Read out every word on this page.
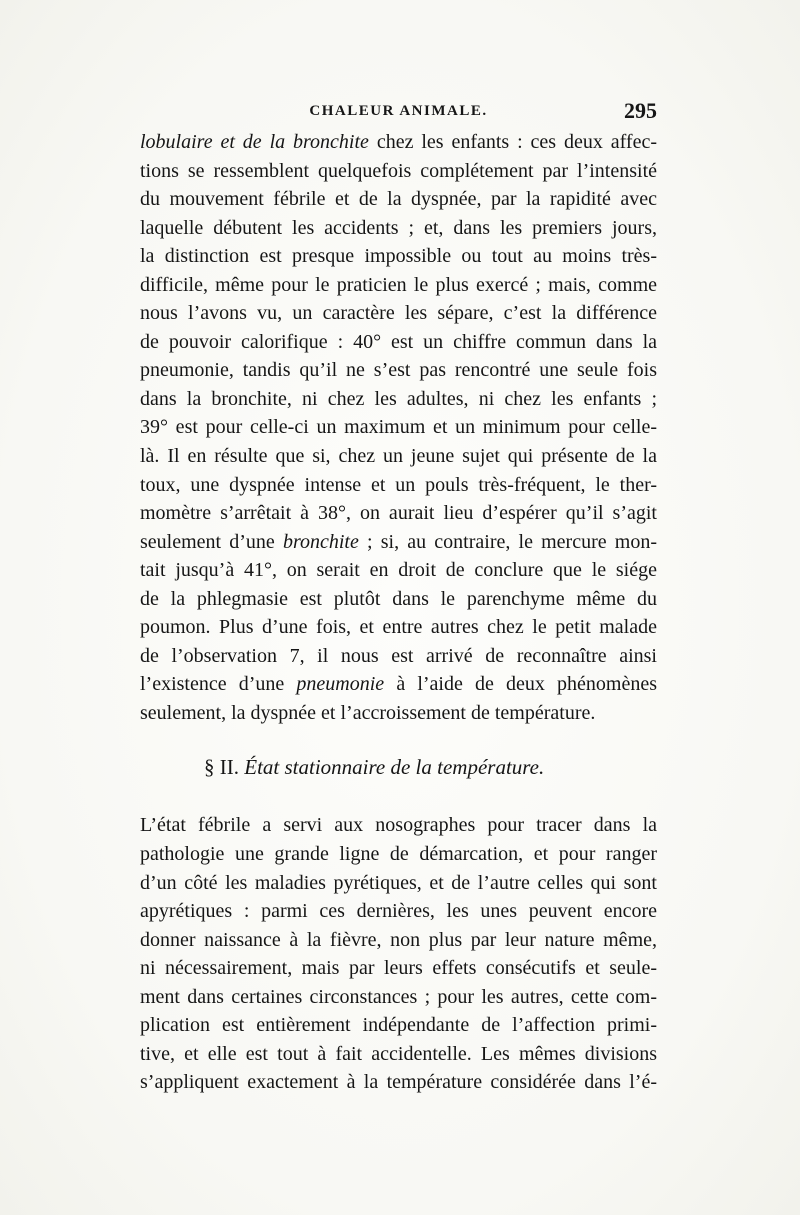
CHALEUR ANIMALE.	295
lobulaire et de la bronchite chez les enfants : ces deux affec-
tions se ressemblent quelquefois complétement par l’intensité
du mouvement fébrile et de la dyspnée, par la rapidité avec
laquelle débutent les accidents ; et, dans les premiers jours,
la distinction est presque impossible ou tout au moins très-
difficile, même pour le praticien le plus exercé ; mais, comme
nous l’avons vu, un caractère les sépare, c’est la différence
de pouvoir calorifique : 40° est un chiffre commun dans la
pneumonie, tandis qu’il ne s’est pas rencontré une seule fois
dans la bronchite, ni chez les adultes, ni chez les enfants ;
39° est pour celle-ci un maximum et un minimum pour celle-
là. Il en résulte que si, chez un jeune sujet qui présente de la
toux, une dyspnée intense et un pouls très-fréquent, le ther-
momètre s’arrêtait à 38°, on aurait lieu d’espérer qu’il s’agit
seulement d’une bronchite ; si, au contraire, le mercure mon-
tait jusqu’à 41°, on serait en droit de conclure que le siége
de la phlegmasie est plutôt dans le parenchyme même du
poumon. Plus d’une fois, et entre autres chez le petit malade
de l’observation 7, il nous est arrivé de reconnaître ainsi
l’existence d’une pneumonie à l’aide de deux phénomènes
seulement, la dyspnée et l’accroissement de température.
§ II. État stationnaire de la température.
L’état fébrile a servi aux nosographes pour tracer dans la
pathologie une grande ligne de démarcation, et pour ranger
d’un côté les maladies pyrétiques, et de l’autre celles qui sont
apyrétiques : parmi ces dernières, les unes peuvent encore
donner naissance à la fièvre, non plus par leur nature même,
ni nécessairement, mais par leurs effets consécutifs et seule-
ment dans certaines circonstances ; pour les autres, cette com-
plication est entièrement indépendante de l’affection primi-
tive, et elle est tout à fait accidentelle. Les mêmes divisions
s’appliquent exactement à la température considérée dans l’é-
